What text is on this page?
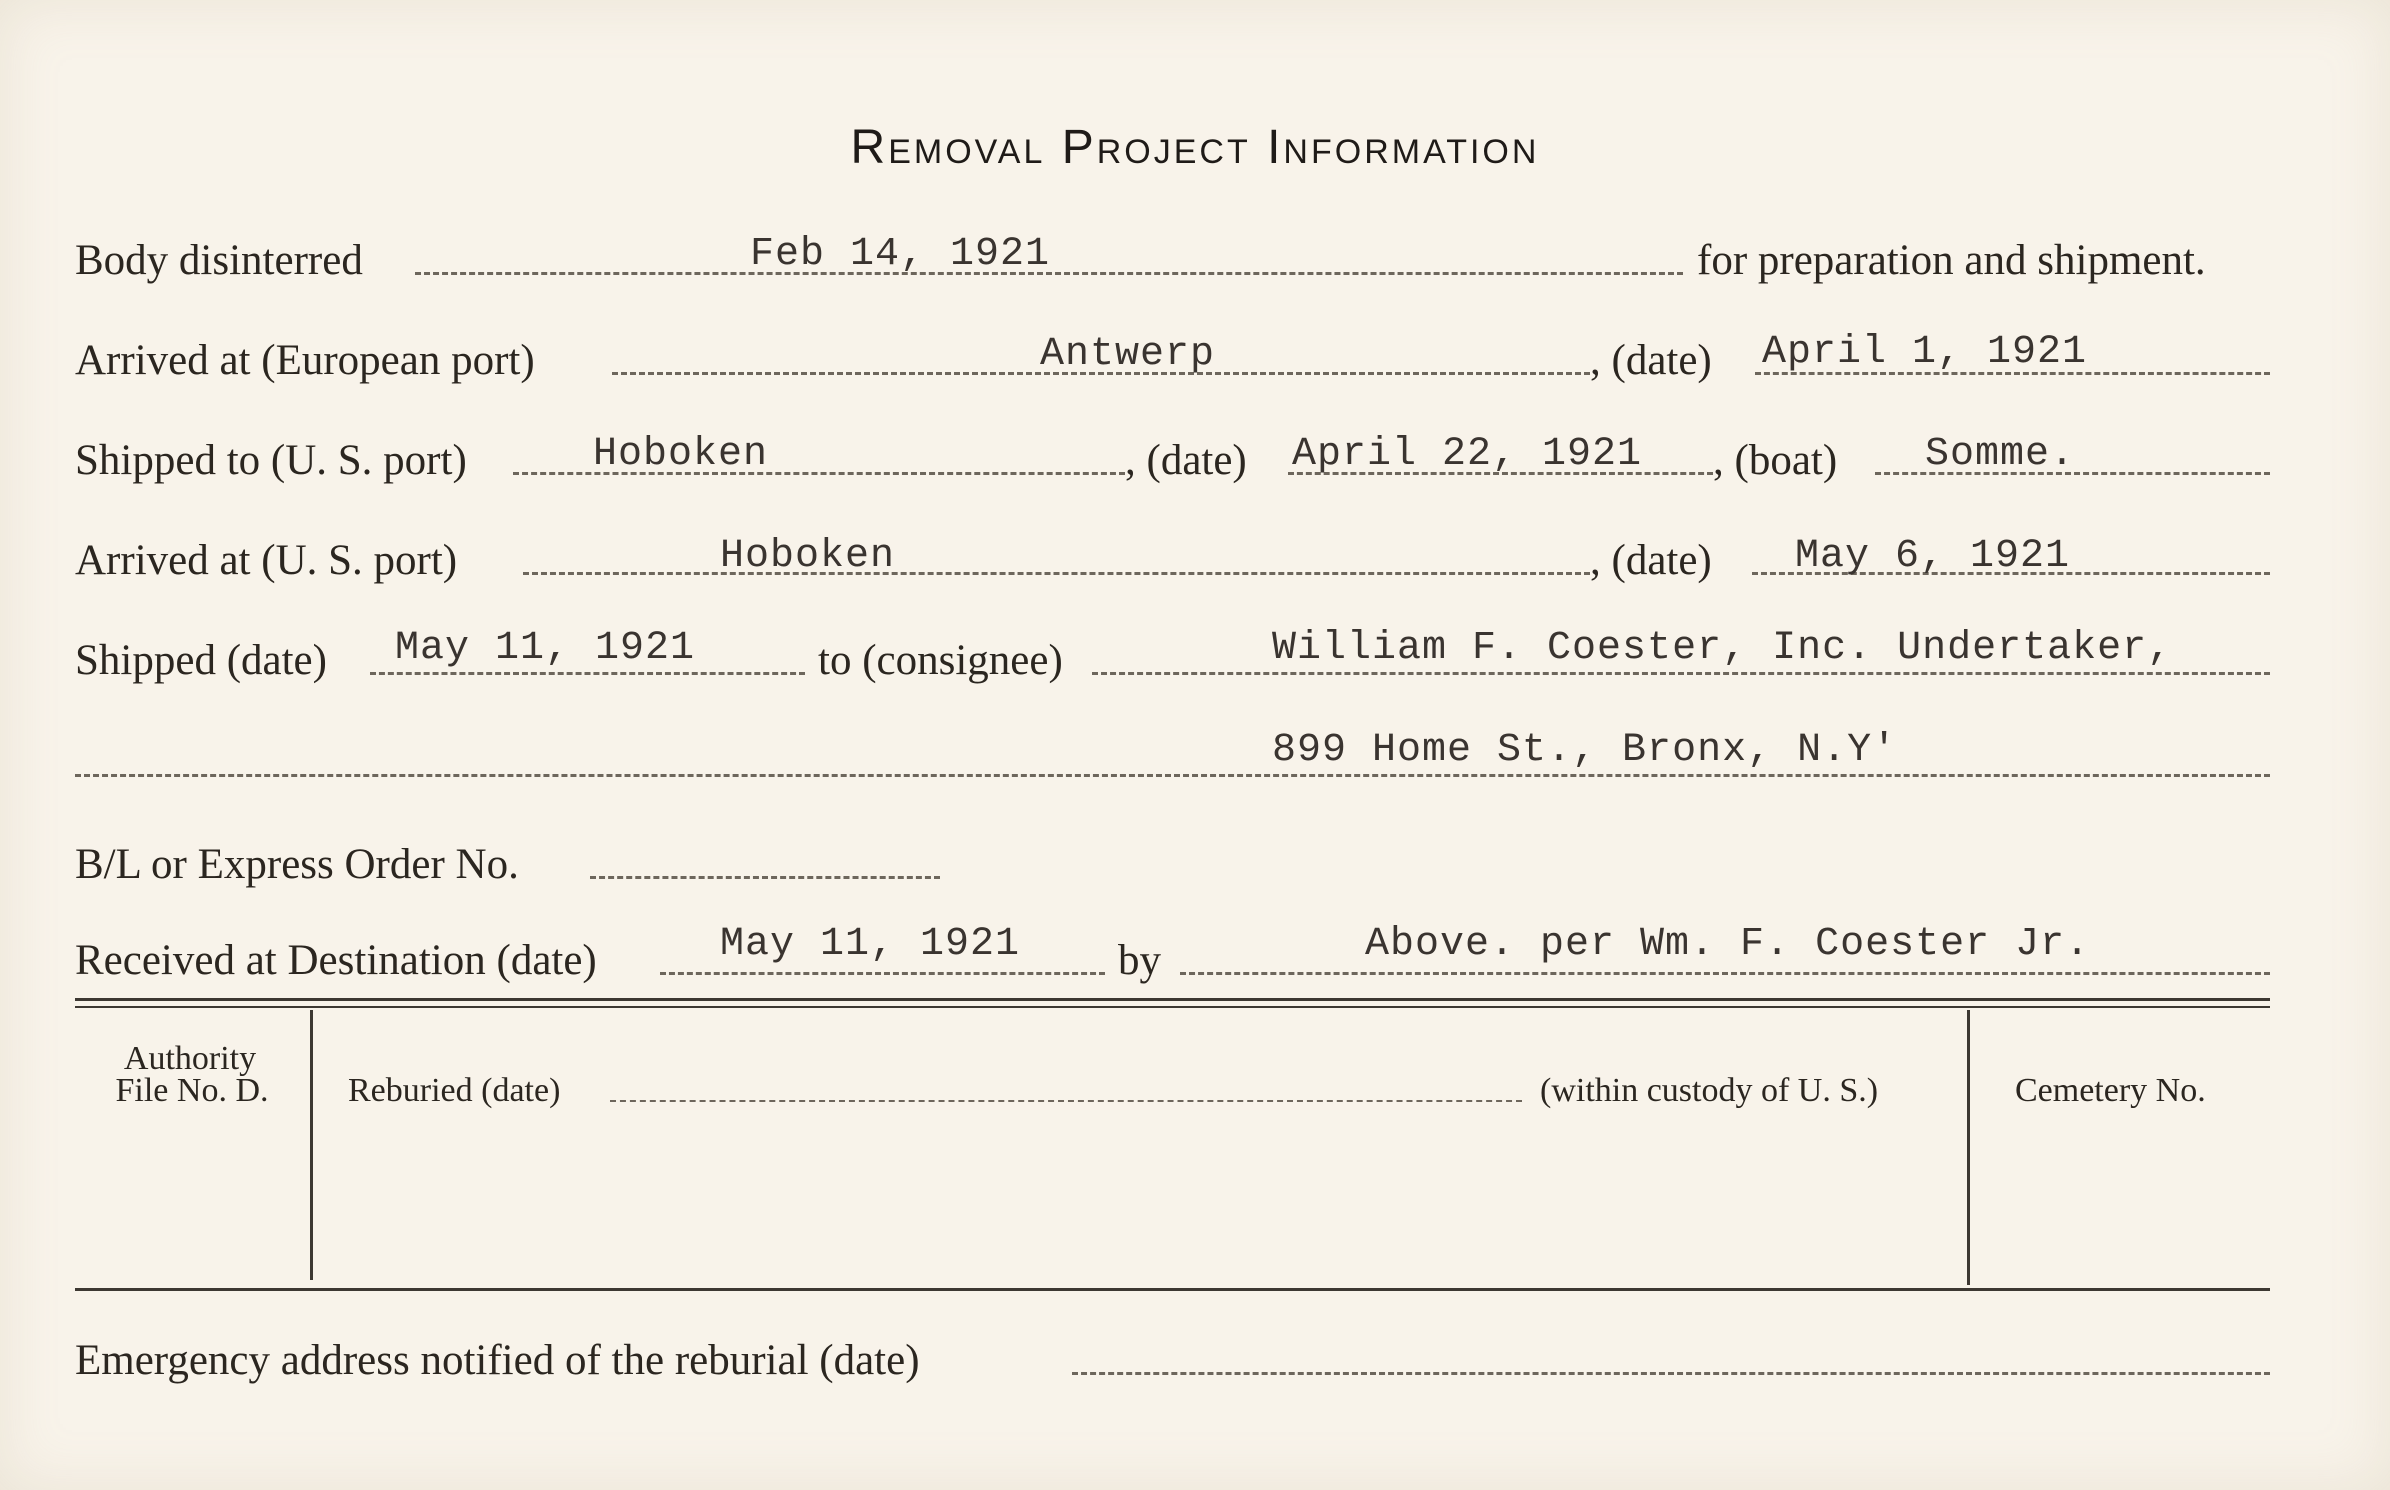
Removal Project Information
Body disinterred	Feb 14, 1921	for preparation and shipment.
Arrived at (European port)	Antwerp	, (date) April 1, 1921
Shipped to (U. S. port)	Hoboken	, (date) April 22, 1921 , (boat) Somme.
Arrived at (U. S. port)	Hoboken	, (date) May 6, 1921
Shipped (date) May 11, 1921	to (consignee)	William F. Coester, Inc. Undertaker,
899 Home St., Bronx, N.Y'
B/L or Express Order No.
Received at Destination (date)	May 11, 1921 by	Above. per Wm. F. Coester Jr.
Authority
File No. D.	Reburied (date)	(within custody of U. S.)	Cemetery No.
Emergency address notified of the reburial (date)
